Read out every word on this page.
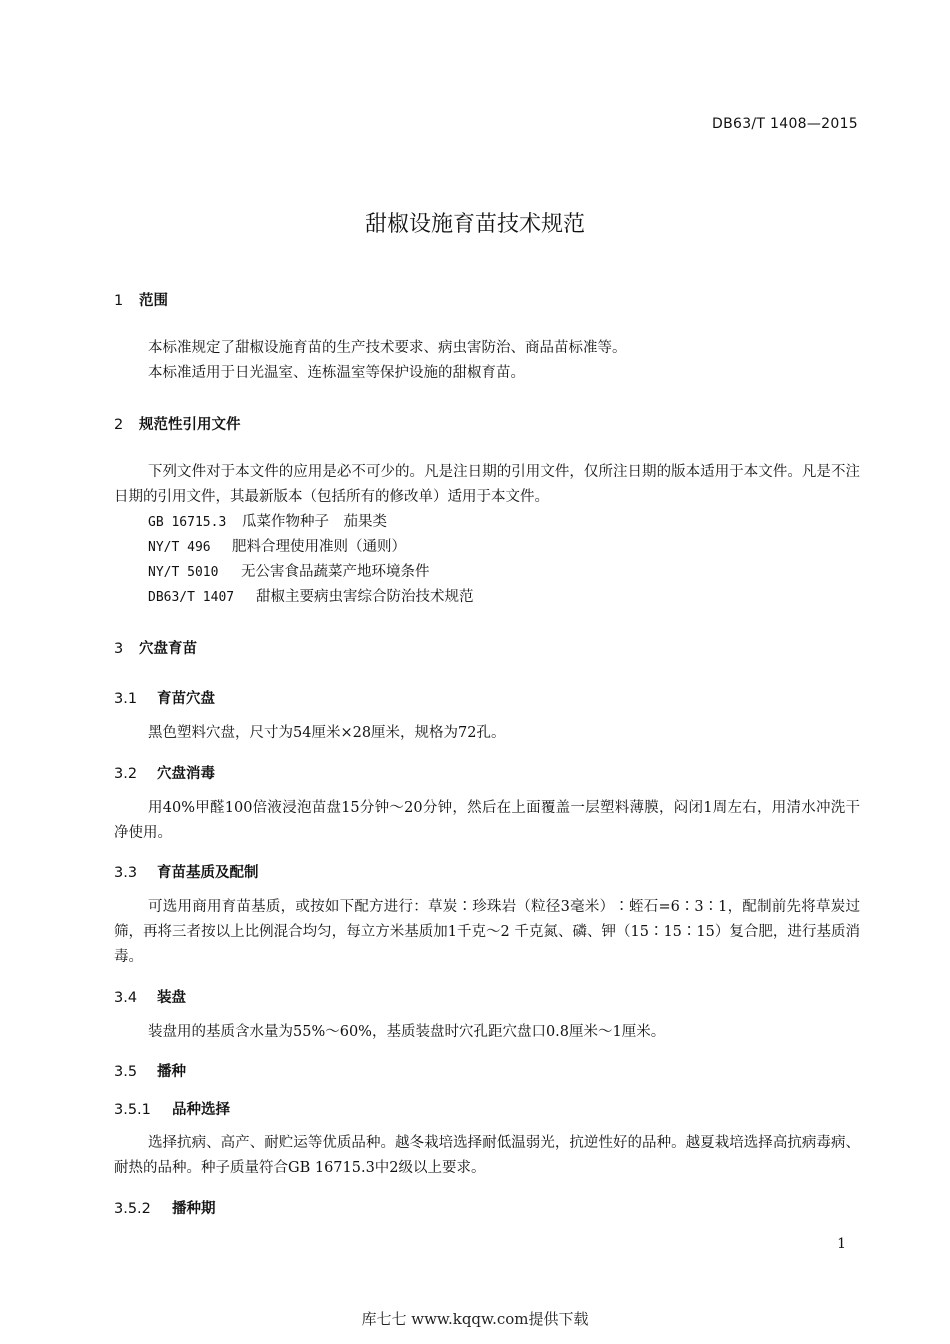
DB63/T 1408—2015
甜椒设施育苗技术规范
1 范围

本标准规定了甜椒设施育苗的生产技术要求、病虫害防治、商品苗标准等。

本标准适用于日光温室、连栋温室等保护设施的甜椒育苗。

2 规范性引用文件

下列文件对于本文件的应用是必不可少的。凡是注日期的引用文件，仅所注日期的版本适用于本文件。凡是不注日期的引用文件，其最新版本（包括所有的修改单）适用于本文件。

GB 16715.3 瓜菜作物种子　茄果类
NY/T 496 肥料合理使用准则（通则）
NY/T 5010 无公害食品蔬菜产地环境条件
DB63/T 1407 甜椒主要病虫害综合防治技术规范
3 穴盘育苗
3.1 育苗穴盘

黑色塑料穴盘，尺寸为54厘米×28厘米，规格为72孔。

3.2 穴盘消毒

用40%甲醛100倍液浸泡苗盘15分钟～20分钟，然后在上面覆盖一层塑料薄膜，闷闭1周左右，用清水冲洗干净使用。

3.3 育苗基质及配制

可选用商用育苗基质，或按如下配方进行：草炭∶珍珠岩（粒径3毫米）∶蛭石=6∶3∶1，配制前先将草炭过筛，再将三者按以上比例混合均匀，每立方米基质加1千克～2 千克氮、磷、钾（15∶15∶15）复合肥，进行基质消毒。

3.4 装盘

装盘用的基质含水量为55%～60%，基质装盘时穴孔距穴盘口0.8厘米～1厘米。

3.5 播种
3.5.1 品种选择

选择抗病、高产、耐贮运等优质品种。越冬栽培选择耐低温弱光，抗逆性好的品种。越夏栽培选择高抗病毒病、耐热的品种。种子质量符合GB 16715.3中2级以上要求。

3.5.2 播种期
1
库七七 www.kqqw.com提供下载
